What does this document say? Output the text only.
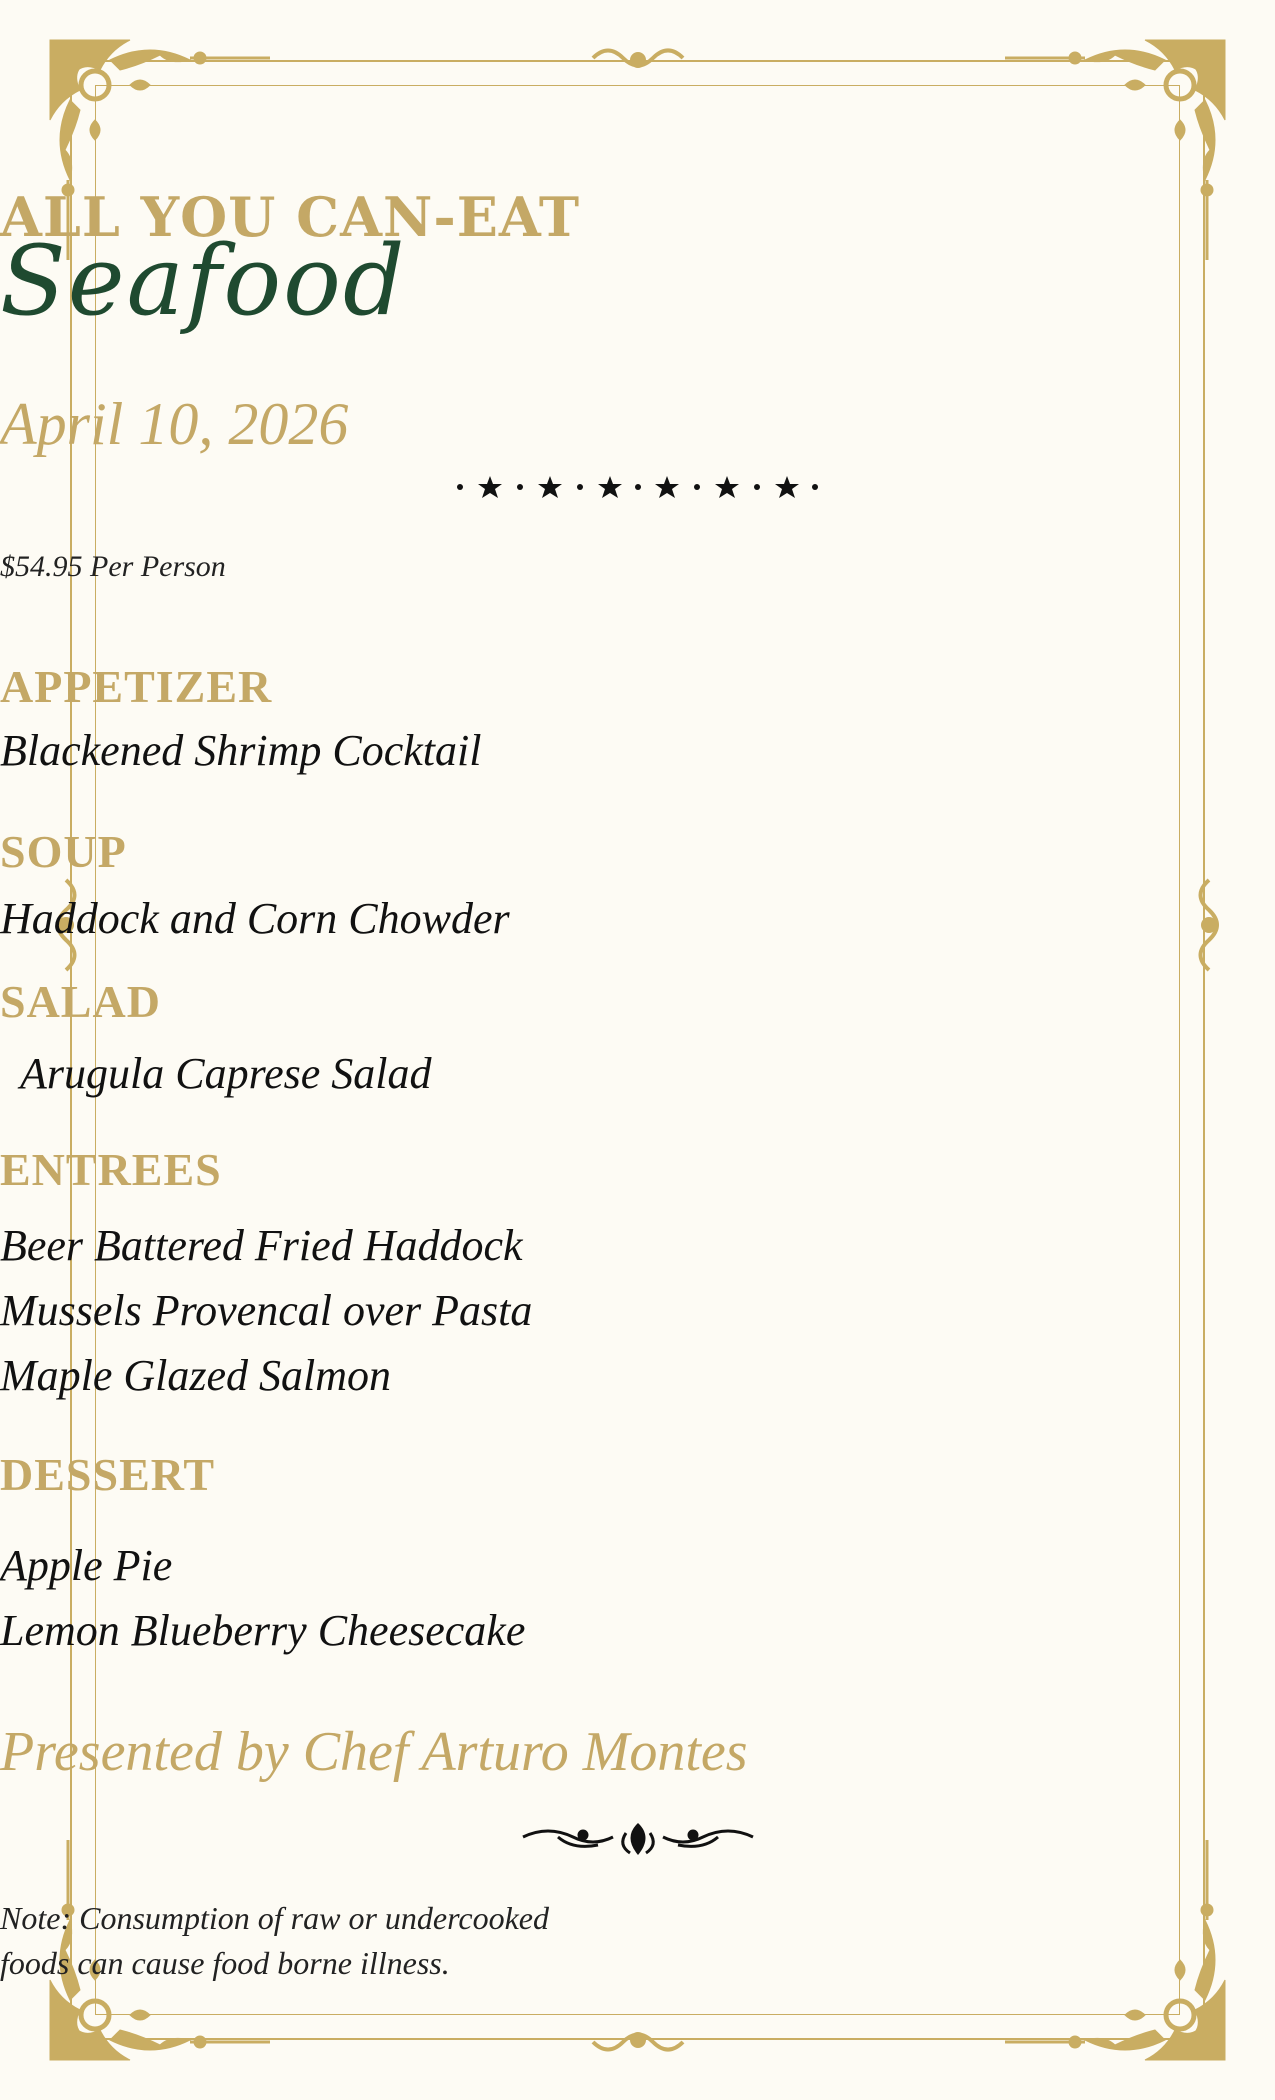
ALL YOU CAN-EAT
Seafood
April 10, 2026
$54.95 Per Person
APPETIZER
Blackened Shrimp Cocktail
SOUP
Haddock and Corn Chowder
SALAD
Arugula Caprese Salad
ENTREES
Beer Battered Fried Haddock
Mussels Provencal over Pasta
Maple Glazed Salmon
DESSERT
Apple Pie
Lemon Blueberry Cheesecake
Presented by Chef Arturo Montes
Note: Consumption of raw or undercooked
foods can cause food borne illness.
